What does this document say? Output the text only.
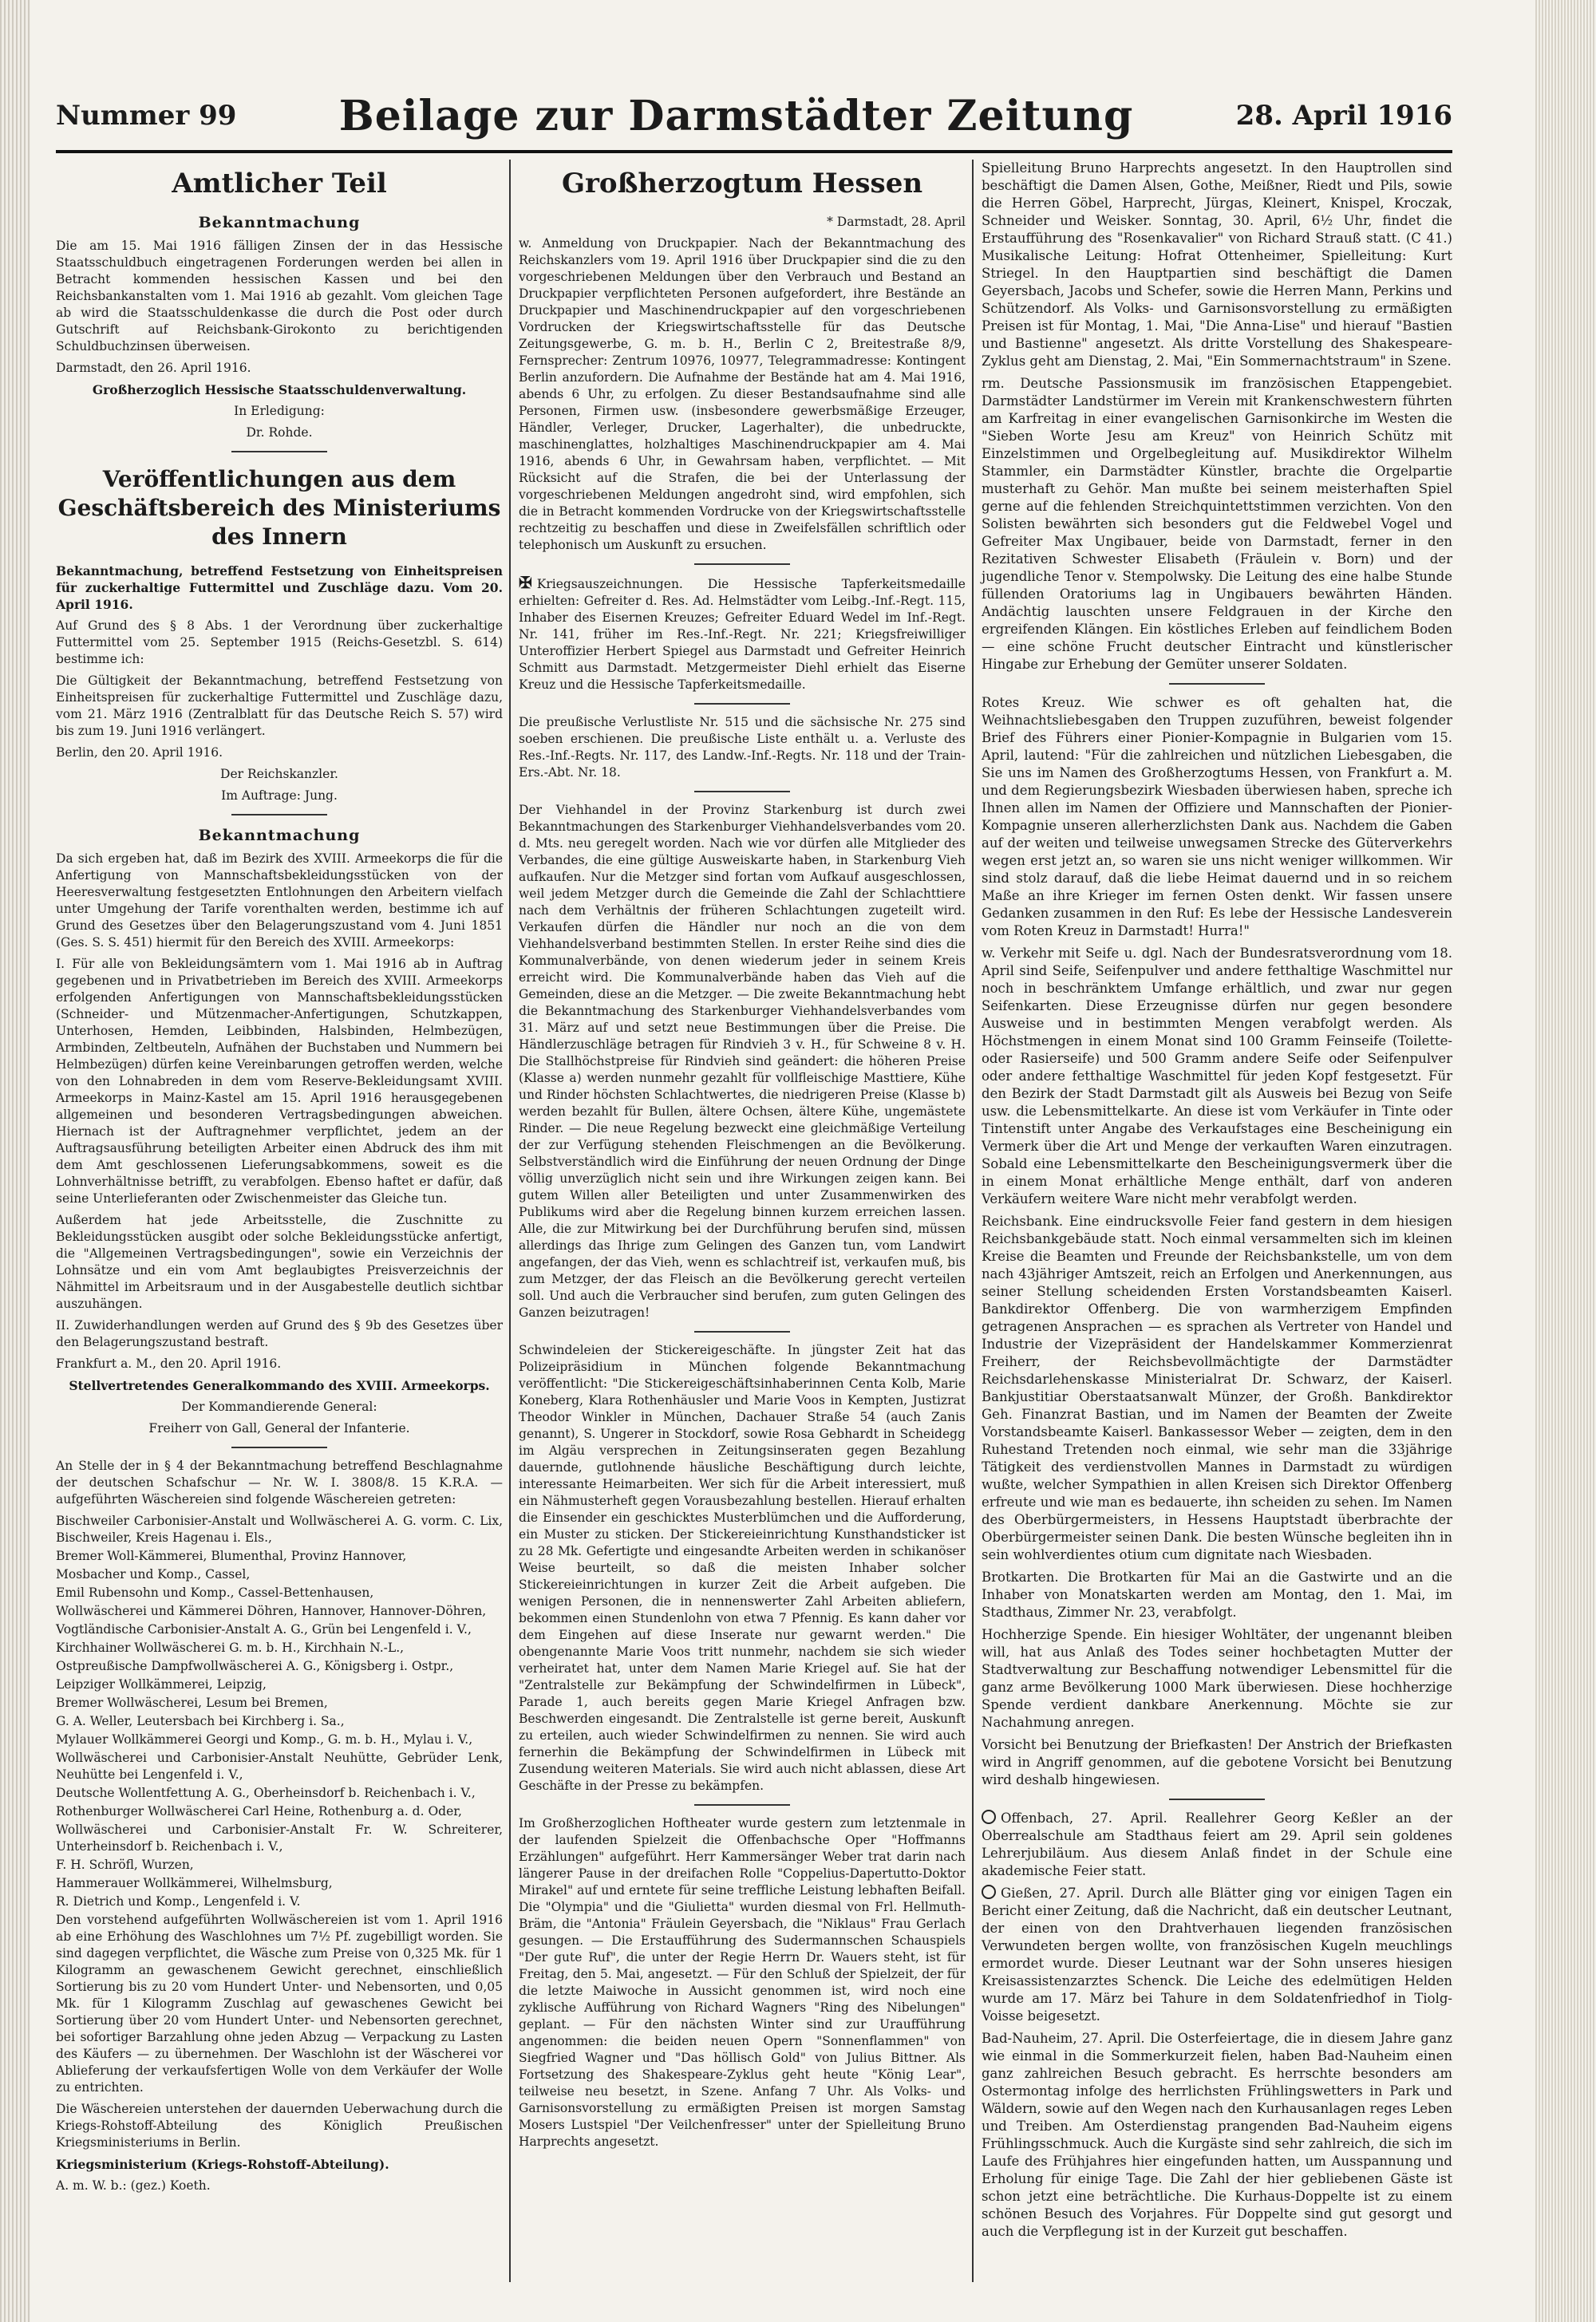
Nummer 99 Beilage zur Darmstädter Zeitung	28. April 1916
Amtlicher Teil
Bekanntmachung

Die am 15. Mai 1916 fälligen Zinsen der in das Hessische Staatsschuldbuch eingetragenen Forderungen werden bei allen in Betracht kommenden hessischen Kassen und bei den Reichsbankanstalten vom 1. Mai 1916 ab gezahlt. Vom gleichen Tage ab wird die Staatsschuldenkasse die durch die Post oder durch Gutschrift auf Reichsbank-Girokonto zu berichtigenden Schuldbuchzinsen überweisen.

Darmstadt, den 26. April 1916.

Großherzoglich Hessische Staatsschuldenverwaltung.

In Erledigung:

Dr. Rohde.

Veröffentlichungen aus dem Geschäftsbereich des Ministeriums des Innern

Bekanntmachung, betreffend Festsetzung von Einheitspreisen für zuckerhaltige Futtermittel und Zuschläge dazu. Vom 20. April 1916.

Auf Grund des § 8 Abs. 1 der Verordnung über zuckerhaltige Futtermittel vom 25. September 1915 (Reichs-Gesetzbl. S. 614) bestimme ich:

Die Gültigkeit der Bekanntmachung, betreffend Festsetzung von Einheitspreisen für zuckerhaltige Futtermittel und Zuschläge dazu, vom 21. März 1916 (Zentralblatt für das Deutsche Reich S. 57) wird bis zum 19. Juni 1916 verlängert.

Berlin, den 20. April 1916.

Der Reichskanzler.

Im Auftrage: Jung.

Bekanntmachung

Da sich ergeben hat, daß im Bezirk des XVIII. Armeekorps die für die Anfertigung von Mannschaftsbekleidungsstücken von der Heeresverwaltung festgesetzten Entlohnungen den Arbeitern vielfach unter Umgehung der Tarife vorenthalten werden, bestimme ich auf Grund des Gesetzes über den Belagerungszustand vom 4. Juni 1851 (Ges. S. S. 451) hiermit für den Bereich des XVIII. Armeekorps:

I. Für alle von Bekleidungsämtern vom 1. Mai 1916 ab in Auftrag gegebenen und in Privatbetrieben im Bereich des XVIII. Armeekorps erfolgenden Anfertigungen von Mannschaftsbekleidungsstücken (Schneider- und Mützenmacher-Anfertigungen, Schutzkappen, Unterhosen, Hemden, Leibbinden, Halsbinden, Helmbezügen, Armbinden, Zeltbeuteln, Aufnähen der Buchstaben und Nummern bei Helmbezügen) dürfen keine Vereinbarungen getroffen werden, welche von den Lohnabreden in dem vom Reserve-Bekleidungsamt XVIII. Armeekorps in Mainz-Kastel am 15. April 1916 herausgegebenen allgemeinen und besonderen Vertragsbedingungen abweichen. Hiernach ist der Auftragnehmer verpflichtet, jedem an der Auftragsausführung beteiligten Arbeiter einen Abdruck des ihm mit dem Amt geschlossenen Lieferungsabkommens, soweit es die Lohnverhältnisse betrifft, zu verabfolgen. Ebenso haftet er dafür, daß seine Unterlieferanten oder Zwischenmeister das Gleiche tun.

Außerdem hat jede Arbeitsstelle, die Zuschnitte zu Bekleidungsstücken ausgibt oder solche Bekleidungsstücke anfertigt, die "Allgemeinen Vertragsbedingungen", sowie ein Verzeichnis der Lohnsätze und ein vom Amt beglaubigtes Preisverzeichnis der Nähmittel im Arbeitsraum und in der Ausgabestelle deutlich sichtbar auszuhängen.

II. Zuwiderhandlungen werden auf Grund des § 9b des Gesetzes über den Belagerungszustand bestraft.

Frankfurt a. M., den 20. April 1916.

Stellvertretendes Generalkommando des XVIII. Armeekorps.

Der Kommandierende General:

Freiherr von Gall, General der Infanterie.

An Stelle der in § 4 der Bekanntmachung betreffend Beschlagnahme der deutschen Schafschur — Nr. W. I. 3808/8. 15 K.R.A. — aufgeführten Wäschereien sind folgende Wäschereien getreten:

Bischweiler Carbonisier-Anstalt und Wollwäscherei A. G. vorm. C. Lix, Bischweiler, Kreis Hagenau i. Els.,

Bremer Woll-Kämmerei, Blumenthal, Provinz Hannover,

Mosbacher und Komp., Cassel,

Emil Rubensohn und Komp., Cassel-Bettenhausen,

Wollwäscherei und Kämmerei Döhren, Hannover, Hannover-Döhren,

Vogtländische Carbonisier-Anstalt A. G., Grün bei Lengenfeld i. V.,

Kirchhainer Wollwäscherei G. m. b. H., Kirchhain N.-L.,

Ostpreußische Dampfwollwäscherei A. G., Königsberg i. Ostpr.,

Leipziger Wollkämmerei, Leipzig,

Bremer Wollwäscherei, Lesum bei Bremen,

G. A. Weller, Leutersbach bei Kirchberg i. Sa.,

Mylauer Wollkämmerei Georgi und Komp., G. m. b. H., Mylau i. V.,

Wollwäscherei und Carbonisier-Anstalt Neuhütte, Gebrüder Lenk, Neuhütte bei Lengenfeld i. V.,

Deutsche Wollentfettung A. G., Oberheinsdorf b. Reichenbach i. V.,

Rothenburger Wollwäscherei Carl Heine, Rothenburg a. d. Oder,

Wollwäscherei und Carbonisier-Anstalt Fr. W. Schreiterer, Unterheinsdorf b. Reichenbach i. V.,

F. H. Schröfl, Wurzen,

Hammerauer Wollkämmerei, Wilhelmsburg,

R. Dietrich und Komp., Lengenfeld i. V.

Den vorstehend aufgeführten Wollwäschereien ist vom 1. April 1916 ab eine Erhöhung des Waschlohnes um 7½ Pf. zugebilligt worden. Sie sind dagegen verpflichtet, die Wäsche zum Preise von 0,325 Mk. für 1 Kilogramm an gewaschenem Gewicht gerechnet, einschließlich Sortierung bis zu 20 vom Hundert Unter- und Nebensorten, und 0,05 Mk. für 1 Kilogramm Zuschlag auf gewaschenes Gewicht bei Sortierung über 20 vom Hundert Unter- und Nebensorten gerechnet, bei sofortiger Barzahlung ohne jeden Abzug — Verpackung zu Lasten des Käufers — zu übernehmen. Der Waschlohn ist der Wäscherei vor Ablieferung der verkaufsfertigen Wolle von dem Verkäufer der Wolle zu entrichten.

Die Wäschereien unterstehen der dauernden Ueberwachung durch die Kriegs-Rohstoff-Abteilung des Königlich Preußischen Kriegsministeriums in Berlin.

Kriegsministerium (Kriegs-Rohstoff-Abteilung).

A. m. W. b.: (gez.) Koeth.

Großherzogtum Hessen

* Darmstadt, 28. April

w. Anmeldung von Druckpapier. Nach der Bekanntmachung des Reichskanzlers vom 19. April 1916 über Druckpapier sind die zu den vorgeschriebenen Meldungen über den Verbrauch und Bestand an Druckpapier verpflichteten Personen aufgefordert, ihre Bestände an Druckpapier und Maschinendruckpapier auf den vorgeschriebenen Vordrucken der Kriegswirtschaftsstelle für das Deutsche Zeitungsgewerbe, G. m. b. H., Berlin C 2, Breitestraße 8/9, Fernsprecher: Zentrum 10976, 10977, Telegrammadresse: Kontingent Berlin anzufordern. Die Aufnahme der Bestände hat am 4. Mai 1916, abends 6 Uhr, zu erfolgen. Zu dieser Bestandsaufnahme sind alle Personen, Firmen usw. (insbesondere gewerbsmäßige Erzeuger, Händler, Verleger, Drucker, Lagerhalter), die unbedruckte, maschinenglattes, holzhaltiges Maschinendruckpapier am 4. Mai 1916, abends 6 Uhr, in Gewahrsam haben, verpflichtet. — Mit Rücksicht auf die Strafen, die bei der Unterlassung der vorgeschriebenen Meldungen angedroht sind, wird empfohlen, sich die in Betracht kommenden Vordrucke von der Kriegswirtschaftsstelle rechtzeitig zu beschaffen und diese in Zweifelsfällen schriftlich oder telephonisch um Auskunft zu ersuchen.

✠ Kriegsauszeichnungen. Die Hessische Tapferkeitsmedaille erhielten: Gefreiter d. Res. Ad. Helmstädter vom Leibg.-Inf.-Regt. 115, Inhaber des Eisernen Kreuzes; Gefreiter Eduard Wedel im Inf.-Regt. Nr. 141, früher im Res.-Inf.-Regt. Nr. 221; Kriegsfreiwilliger Unteroffizier Herbert Spiegel aus Darmstadt und Gefreiter Heinrich Schmitt aus Darmstadt. Metzgermeister Diehl erhielt das Eiserne Kreuz und die Hessische Tapferkeitsmedaille.

Die preußische Verlustliste Nr. 515 und die sächsische Nr. 275 sind soeben erschienen. Die preußische Liste enthält u. a. Verluste des Res.-Inf.-Regts. Nr. 117, des Landw.-Inf.-Regts. Nr. 118 und der Train-Ers.-Abt. Nr. 18.

Der Viehhandel in der Provinz Starkenburg ist durch zwei Bekanntmachungen des Starkenburger Viehhandelsverbandes vom 20. d. Mts. neu geregelt worden. Nach wie vor dürfen alle Mitglieder des Verbandes, die eine gültige Ausweiskarte haben, in Starkenburg Vieh aufkaufen. Nur die Metzger sind fortan vom Aufkauf ausgeschlossen, weil jedem Metzger durch die Gemeinde die Zahl der Schlachttiere nach dem Verhältnis der früheren Schlachtungen zugeteilt wird. Verkaufen dürfen die Händler nur noch an die von dem Viehhandelsverband bestimmten Stellen. In erster Reihe sind dies die Kommunalverbände, von denen wiederum jeder in seinem Kreis erreicht wird. Die Kommunalverbände haben das Vieh auf die Gemeinden, diese an die Metzger. — Die zweite Bekanntmachung hebt die Bekanntmachung des Starkenburger Viehhandelsverbandes vom 31. März auf und setzt neue Bestimmungen über die Preise. Die Händlerzuschläge betragen für Rindvieh 3 v. H., für Schweine 8 v. H. Die Stallhöchstpreise für Rindvieh sind geändert: die höheren Preise (Klasse a) werden nunmehr gezahlt für vollfleischige Masttiere, Kühe und Rinder höchsten Schlachtwertes, die niedrigeren Preise (Klasse b) werden bezahlt für Bullen, ältere Ochsen, ältere Kühe, ungemästete Rinder. — Die neue Regelung bezweckt eine gleichmäßige Verteilung der zur Verfügung stehenden Fleischmengen an die Bevölkerung. Selbstverständlich wird die Einführung der neuen Ordnung der Dinge völlig unverzüglich nicht sein und ihre Wirkungen zeigen kann. Bei gutem Willen aller Beteiligten und unter Zusammenwirken des Publikums wird aber die Regelung binnen kurzem erreichen lassen. Alle, die zur Mitwirkung bei der Durchführung berufen sind, müssen allerdings das Ihrige zum Gelingen des Ganzen tun, vom Landwirt angefangen, der das Vieh, wenn es schlachtreif ist, verkaufen muß, bis zum Metzger, der das Fleisch an die Bevölkerung gerecht verteilen soll. Und auch die Verbraucher sind berufen, zum guten Gelingen des Ganzen beizutragen!

Schwindeleien der Stickereigeschäfte. In jüngster Zeit hat das Polizeipräsidium in München folgende Bekanntmachung veröffentlicht: "Die Stickereigeschäftsinhaberinnen Centa Kolb, Marie Koneberg, Klara Rothenhäusler und Marie Voos in Kempten, Justizrat Theodor Winkler in München, Dachauer Straße 54 (auch Zanis genannt), S. Ungerer in Stockdorf, sowie Rosa Gebhardt in Scheidegg im Algäu versprechen in Zeitungsinseraten gegen Bezahlung dauernde, gutlohnende häusliche Beschäftigung durch leichte, interessante Heimarbeiten. Wer sich für die Arbeit interessiert, muß ein Nähmusterheft gegen Vorausbezahlung bestellen. Hierauf erhalten die Einsender ein geschicktes Musterblümchen und die Aufforderung, ein Muster zu sticken. Der Stickereieinrichtung Kunsthandsticker ist zu 28 Mk. Gefertigte und eingesandte Arbeiten werden in schikanöser Weise beurteilt, so daß die meisten Inhaber solcher Stickereieinrichtungen in kurzer Zeit die Arbeit aufgeben. Die wenigen Personen, die in nennenswerter Zahl Arbeiten abliefern, bekommen einen Stundenlohn von etwa 7 Pfennig. Es kann daher vor dem Eingehen auf diese Inserate nur gewarnt werden." Die obengenannte Marie Voos tritt nunmehr, nachdem sie sich wieder verheiratet hat, unter dem Namen Marie Kriegel auf. Sie hat der "Zentralstelle zur Bekämpfung der Schwindelfirmen in Lübeck", Parade 1, auch bereits gegen Marie Kriegel Anfragen bzw. Beschwerden eingesandt. Die Zentralstelle ist gerne bereit, Auskunft zu erteilen, auch wieder Schwindelfirmen zu nennen. Sie wird auch fernerhin die Bekämpfung der Schwindelfirmen in Lübeck mit Zusendung weiteren Materials. Sie wird auch nicht ablassen, diese Art Geschäfte in der Presse zu bekämpfen.

Im Großherzoglichen Hoftheater wurde gestern zum letztenmale in der laufenden Spielzeit die Offenbachsche Oper "Hoffmanns Erzählungen" aufgeführt. Herr Kammersänger Weber trat darin nach längerer Pause in der dreifachen Rolle "Coppelius-Dapertutto-Doktor Mirakel" auf und erntete für seine treffliche Leistung lebhaften Beifall. Die "Olympia" und die "Giulietta" wurden diesmal von Frl. Hellmuth-Bräm, die "Antonia" Fräulein Geyersbach, die "Niklaus" Frau Gerlach gesungen. — Die Erstaufführung des Sudermannschen Schauspiels "Der gute Ruf", die unter der Regie Herrn Dr. Wauers steht, ist für Freitag, den 5. Mai, angesetzt. — Für den Schluß der Spielzeit, der für die letzte Maiwoche in Aussicht genommen ist, wird noch eine zyklische Aufführung von Richard Wagners "Ring des Nibelungen" geplant. — Für den nächsten Winter sind zur Uraufführung angenommen: die beiden neuen Opern "Sonnenflammen" von Siegfried Wagner und "Das höllisch Gold" von Julius Bittner. Als Fortsetzung des Shakespeare-Zyklus geht heute "König Lear", teilweise neu besetzt, in Szene. Anfang 7 Uhr. Als Volks- und Garnisonsvorstellung zu ermäßigten Preisen ist morgen Samstag Mosers Lustspiel "Der Veilchenfresser" unter der Spielleitung Bruno Harprechts angesetzt.

Spielleitung Bruno Harprechts angesetzt. In den Hauptrollen sind beschäftigt die Damen Alsen, Gothe, Meißner, Riedt und Pils, sowie die Herren Göbel, Harprecht, Jürgas, Kleinert, Knispel, Kroczak, Schneider und Weisker. Sonntag, 30. April, 6½ Uhr, findet die Erstaufführung des "Rosenkavalier" von Richard Strauß statt. (C 41.) Musikalische Leitung: Hofrat Ottenheimer, Spielleitung: Kurt Striegel. In den Hauptpartien sind beschäftigt die Damen Geyersbach, Jacobs und Schefer, sowie die Herren Mann, Perkins und Schützendorf. Als Volks- und Garnisonsvorstellung zu ermäßigten Preisen ist für Montag, 1. Mai, "Die Anna-Lise" und hierauf "Bastien und Bastienne" angesetzt. Als dritte Vorstellung des Shakespeare-Zyklus geht am Dienstag, 2. Mai, "Ein Sommernachtstraum" in Szene.

rm. Deutsche Passionsmusik im französischen Etappengebiet. Darmstädter Landstürmer im Verein mit Krankenschwestern führten am Karfreitag in einer evangelischen Garnisonkirche im Westen die "Sieben Worte Jesu am Kreuz" von Heinrich Schütz mit Einzelstimmen und Orgelbegleitung auf. Musikdirektor Wilhelm Stammler, ein Darmstädter Künstler, brachte die Orgelpartie musterhaft zu Gehör. Man mußte bei seinem meisterhaften Spiel gerne auf die fehlenden Streichquintettstimmen verzichten. Von den Solisten bewährten sich besonders gut die Feldwebel Vogel und Gefreiter Max Ungibauer, beide von Darmstadt, ferner in den Rezitativen Schwester Elisabeth (Fräulein v. Born) und der jugendliche Tenor v. Stempolwsky. Die Leitung des eine halbe Stunde füllenden Oratoriums lag in Ungibauers bewährten Händen. Andächtig lauschten unsere Feldgrauen in der Kirche den ergreifenden Klängen. Ein köstliches Erleben auf feindlichem Boden — eine schöne Frucht deutscher Eintracht und künstlerischer Hingabe zur Erhebung der Gemüter unserer Soldaten.

Rotes Kreuz. Wie schwer es oft gehalten hat, die Weihnachtsliebesgaben den Truppen zuzuführen, beweist folgender Brief des Führers einer Pionier-Kompagnie in Bulgarien vom 15. April, lautend: "Für die zahlreichen und nützlichen Liebesgaben, die Sie uns im Namen des Großherzogtums Hessen, von Frankfurt a. M. und dem Regierungsbezirk Wiesbaden überwiesen haben, spreche ich Ihnen allen im Namen der Offiziere und Mannschaften der Pionier-Kompagnie unseren allerherzlichsten Dank aus. Nachdem die Gaben auf der weiten und teilweise unwegsamen Strecke des Güterverkehrs wegen erst jetzt an, so waren sie uns nicht weniger willkommen. Wir sind stolz darauf, daß die liebe Heimat dauernd und in so reichem Maße an ihre Krieger im fernen Osten denkt. Wir fassen unsere Gedanken zusammen in den Ruf: Es lebe der Hessische Landesverein vom Roten Kreuz in Darmstadt! Hurra!"

w. Verkehr mit Seife u. dgl. Nach der Bundesratsverordnung vom 18. April sind Seife, Seifenpulver und andere fetthaltige Waschmittel nur noch in beschränktem Umfange erhältlich, und zwar nur gegen Seifenkarten. Diese Erzeugnisse dürfen nur gegen besondere Ausweise und in bestimmten Mengen verabfolgt werden. Als Höchstmengen in einem Monat sind 100 Gramm Feinseife (Toilette- oder Rasierseife) und 500 Gramm andere Seife oder Seifenpulver oder andere fetthaltige Waschmittel für jeden Kopf festgesetzt. Für den Bezirk der Stadt Darmstadt gilt als Ausweis bei Bezug von Seife usw. die Lebensmittelkarte. An diese ist vom Verkäufer in Tinte oder Tintenstift unter Angabe des Verkaufstages eine Bescheinigung ein Vermerk über die Art und Menge der verkauften Waren einzutragen. Sobald eine Lebensmittelkarte den Bescheinigungsvermerk über die in einem Monat erhältliche Menge enthält, darf von anderen Verkäufern weitere Ware nicht mehr verabfolgt werden.

Reichsbank. Eine eindrucksvolle Feier fand gestern in dem hiesigen Reichsbankgebäude statt. Noch einmal versammelten sich im kleinen Kreise die Beamten und Freunde der Reichsbankstelle, um von dem nach 43jähriger Amtszeit, reich an Erfolgen und Anerkennungen, aus seiner Stellung scheidenden Ersten Vorstandsbeamten Kaiserl. Bankdirektor Offenberg. Die von warmherzigem Empfinden getragenen Ansprachen — es sprachen als Vertreter von Handel und Industrie der Vizepräsident der Handelskammer Kommerzienrat Freiherr, der Reichsbevollmächtigte der Darmstädter Reichsdarlehenskasse Ministerialrat Dr. Schwarz, der Kaiserl. Bankjustitiar Oberstaatsanwalt Münzer, der Großh. Bankdirektor Geh. Finanzrat Bastian, und im Namen der Beamten der Zweite Vorstandsbeamte Kaiserl. Bankassessor Weber — zeigten, dem in den Ruhestand Tretenden noch einmal, wie sehr man die 33jährige Tätigkeit des verdienstvollen Mannes in Darmstadt zu würdigen wußte, welcher Sympathien in allen Kreisen sich Direktor Offenberg erfreute und wie man es bedauerte, ihn scheiden zu sehen. Im Namen des Oberbürgermeisters, in Hessens Hauptstadt überbrachte der Oberbürgermeister seinen Dank. Die besten Wünsche begleiten ihn in sein wohlverdientes otium cum dignitate nach Wiesbaden.

Brotkarten. Die Brotkarten für Mai an die Gastwirte und an die Inhaber von Monatskarten werden am Montag, den 1. Mai, im Stadthaus, Zimmer Nr. 23, verabfolgt.

Hochherzige Spende. Ein hiesiger Wohltäter, der ungenannt bleiben will, hat aus Anlaß des Todes seiner hochbetagten Mutter der Stadtverwaltung zur Beschaffung notwendiger Lebensmittel für die ganz arme Bevölkerung 1000 Mark überwiesen. Diese hochherzige Spende verdient dankbare Anerkennung. Möchte sie zur Nachahmung anregen.

Vorsicht bei Benutzung der Briefkasten! Der Anstrich der Briefkasten wird in Angriff genommen, auf die gebotene Vorsicht bei Benutzung wird deshalb hingewiesen.

Offenbach, 27. April. Reallehrer Georg Keßler an der Oberrealschule am Stadthaus feiert am 29. April sein goldenes Lehrerjubiläum. Aus diesem Anlaß findet in der Schule eine akademische Feier statt.

Gießen, 27. April. Durch alle Blätter ging vor einigen Tagen ein Bericht einer Zeitung, daß die Nachricht, daß ein deutscher Leutnant, der einen von den Drahtverhauen liegenden französischen Verwundeten bergen wollte, von französischen Kugeln meuchlings ermordet wurde. Dieser Leutnant war der Sohn unseres hiesigen Kreisassistenzarztes Schenck. Die Leiche des edelmütigen Helden wurde am 17. März bei Tahure in dem Soldatenfriedhof in Tiolg-Voisse beigesetzt.

Bad-Nauheim, 27. April. Die Osterfeiertage, die in diesem Jahre ganz wie einmal in die Sommerkurzeit fielen, haben Bad-Nauheim einen ganz zahlreichen Besuch gebracht. Es herrschte besonders am Ostermontag infolge des herrlichsten Frühlingswetters in Park und Wäldern, sowie auf den Wegen nach den Kurhausanlagen reges Leben und Treiben. Am Osterdienstag prangenden Bad-Nauheim eigens Frühlingsschmuck. Auch die Kurgäste sind sehr zahlreich, die sich im Laufe des Frühjahres hier eingefunden hatten, um Ausspannung und Erholung für einige Tage. Die Zahl der hier gebliebenen Gäste ist schon jetzt eine beträchtliche. Die Kurhaus-Doppelte ist zu einem schönen Besuch des Vorjahres. Für Doppelte sind gut gesorgt und auch die Verpflegung ist in der Kurzeit gut beschaffen.
